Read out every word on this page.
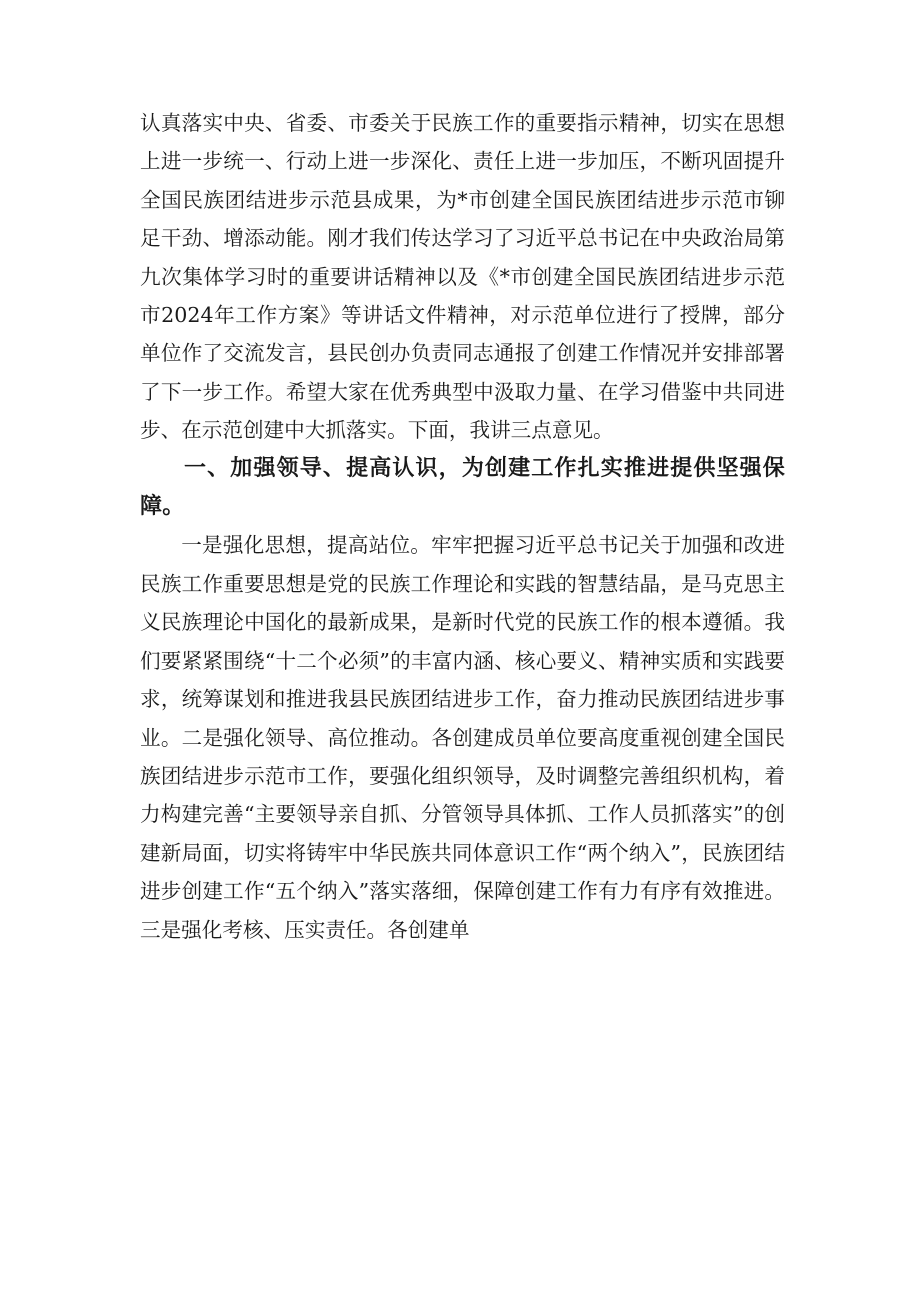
认真落实中央、省委、市委关于民族工作的重要指示精神，切实在思想上进一步统一、行动上进一步深化、责任上进一步加压，不断巩固提升全国民族团结进步示范县成果，为*市创建全国民族团结进步示范市铆足干劲、增添动能。刚才我们传达学习了习近平总书记在中央政治局第九次集体学习时的重要讲话精神以及《*市创建全国民族团结进步示范市2024年工作方案》等讲话文件精神，对示范单位进行了授牌，部分单位作了交流发言，县民创办负责同志通报了创建工作情况并安排部署了下一步工作。希望大家在优秀典型中汲取力量、在学习借鉴中共同进步、在示范创建中大抓落实。下面，我讲三点意见。

一、加强领导、提高认识，为创建工作扎实推进提供坚强保障。

一是强化思想，提高站位。牢牢把握习近平总书记关于加强和改进民族工作重要思想是党的民族工作理论和实践的智慧结晶，是马克思主义民族理论中国化的最新成果，是新时代党的民族工作的根本遵循。我们要紧紧围绕“十二个必须”的丰富内涵、核心要义、精神实质和实践要求，统筹谋划和推进我县民族团结进步工作，奋力推动民族团结进步事业。二是强化领导、高位推动。各创建成员单位要高度重视创建全国民族团结进步示范市工作，要强化组织领导，及时调整完善组织机构，着力构建完善“主要领导亲自抓、分管领导具体抓、工作人员抓落实”的创建新局面，切实将铸牢中华民族共同体意识工作“两个纳入”，民族团结进步创建工作“五个纳入”落实落细，保障创建工作有力有序有效推进。三是强化考核、压实责任。各创建单
